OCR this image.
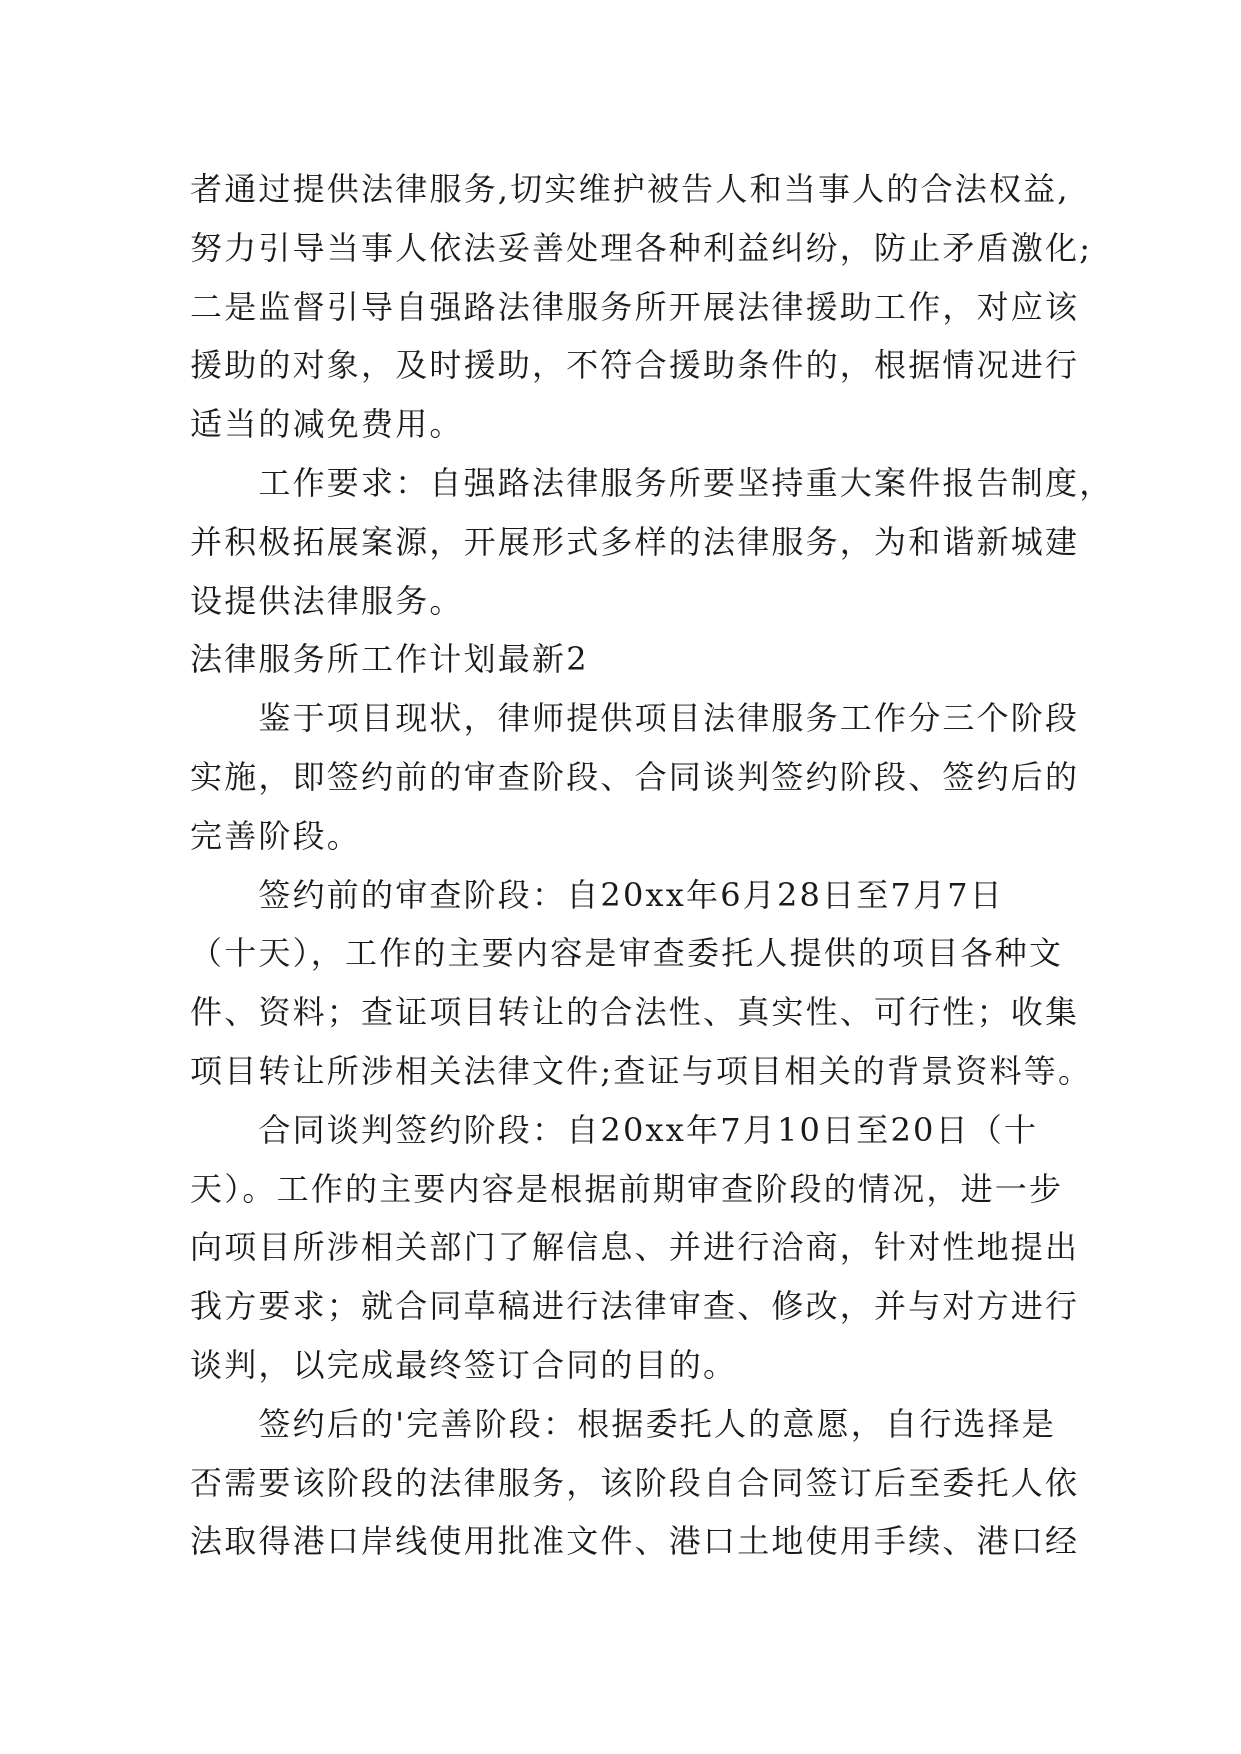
者通过提供法律服务,切实维护被告人和当事人的合法权益,
努力引导当事人依法妥善处理各种利益纠纷，防止矛盾激化;
二是监督引导自强路法律服务所开展法律援助工作，对应该
援助的对象，及时援助，不符合援助条件的，根据情况进行
适当的减免费用。
　　工作要求：自强路法律服务所要坚持重大案件报告制度，
并积极拓展案源，开展形式多样的法律服务，为和谐新城建
设提供法律服务。
法律服务所工作计划最新2
　　鉴于项目现状，律师提供项目法律服务工作分三个阶段
实施，即签约前的审查阶段、合同谈判签约阶段、签约后的
完善阶段。
　　签约前的审查阶段：自20xx年6月28日至7月7日
（十天），工作的主要内容是审查委托人提供的项目各种文
件、资料；查证项目转让的合法性、真实性、可行性；收集
项目转让所涉相关法律文件;查证与项目相关的背景资料等。
　　合同谈判签约阶段：自20xx年7月10日至20日（十
天）。工作的主要内容是根据前期审查阶段的情况，进一步
向项目所涉相关部门了解信息、并进行洽商，针对性地提出
我方要求；就合同草稿进行法律审查、修改，并与对方进行
谈判，以完成最终签订合同的目的。
　　签约后的'完善阶段：根据委托人的意愿，自行选择是
否需要该阶段的法律服务，该阶段自合同签订后至委托人依
法取得港口岸线使用批准文件、港口土地使用手续、港口经
